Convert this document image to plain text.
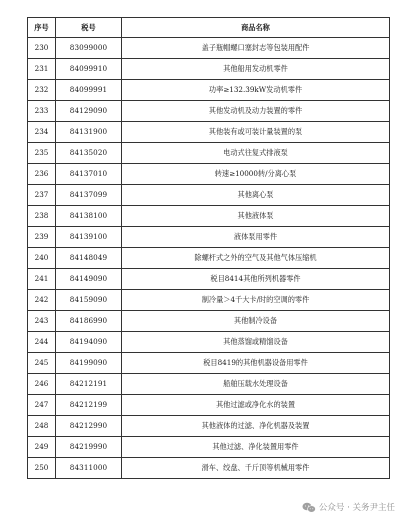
序号	税号	商品名称
230	83099000	盖子瓶帽螺口塞封志等包装用配件
231	84099910	其他船用发动机零件
232	84099991	功率≥132.39kW发动机零件
233	84129090	其他发动机及动力装置的零件
234	84131900	其他装有或可装计量装置的泵
235	84135020	电动式往复式排液泵
236	84137010	转速≥10000转/分离心泵
237	84137099	其他离心泵
238	84138100	其他液体泵
239	84139100	液体泵用零件
240	84148049	除螺杆式之外的空气及其他气体压缩机
241	84149090	税目8414其他所列机器零件
242	84159090	制冷量＞4千大卡/时的空调的零件
243	84186990	其他制冷设备
244	84194090	其他蒸馏或精馏设备
245	84199090	税目8419的其他机器设备用零件
246	84212191	船舶压载水处理设备
247	84212199	其他过滤或净化水的装置
248	84212990	其他液体的过滤、净化机器及装置
249	84219990	其他过滤、净化装置用零件
250	84311000	滑车、绞盘、千斤顶等机械用零件
公众号 · 关务尹主任
